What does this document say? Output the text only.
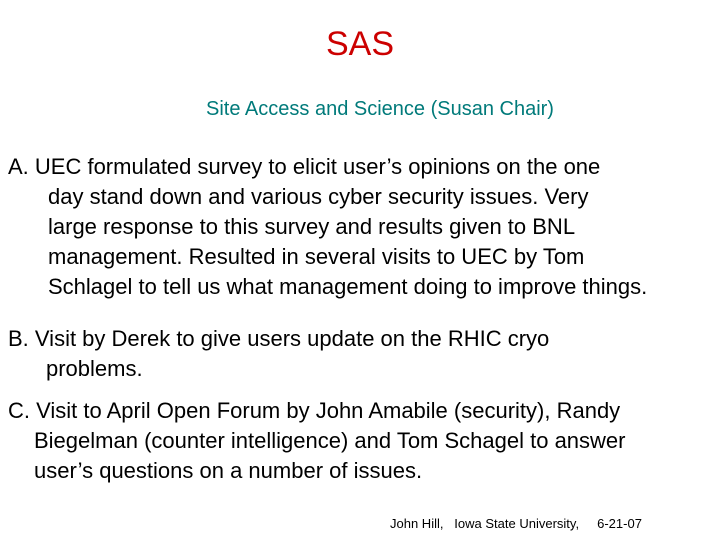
SAS
Site Access and Science (Susan Chair)
A. UEC formulated survey to elicit user’s opinions on the one
day stand down and various cyber security issues. Very
large response to this survey and results given to BNL
management. Resulted in several visits to UEC by Tom
Schlagel to tell us what management doing to improve things.
B. Visit by Derek to give users update on the RHIC cryo
problems.
C. Visit to April Open Forum by John Amabile (security), Randy
Biegelman (counter intelligence) and Tom Schagel to answer
user’s questions on a number of issues.
John Hill,   Iowa State University,     6-21-07
